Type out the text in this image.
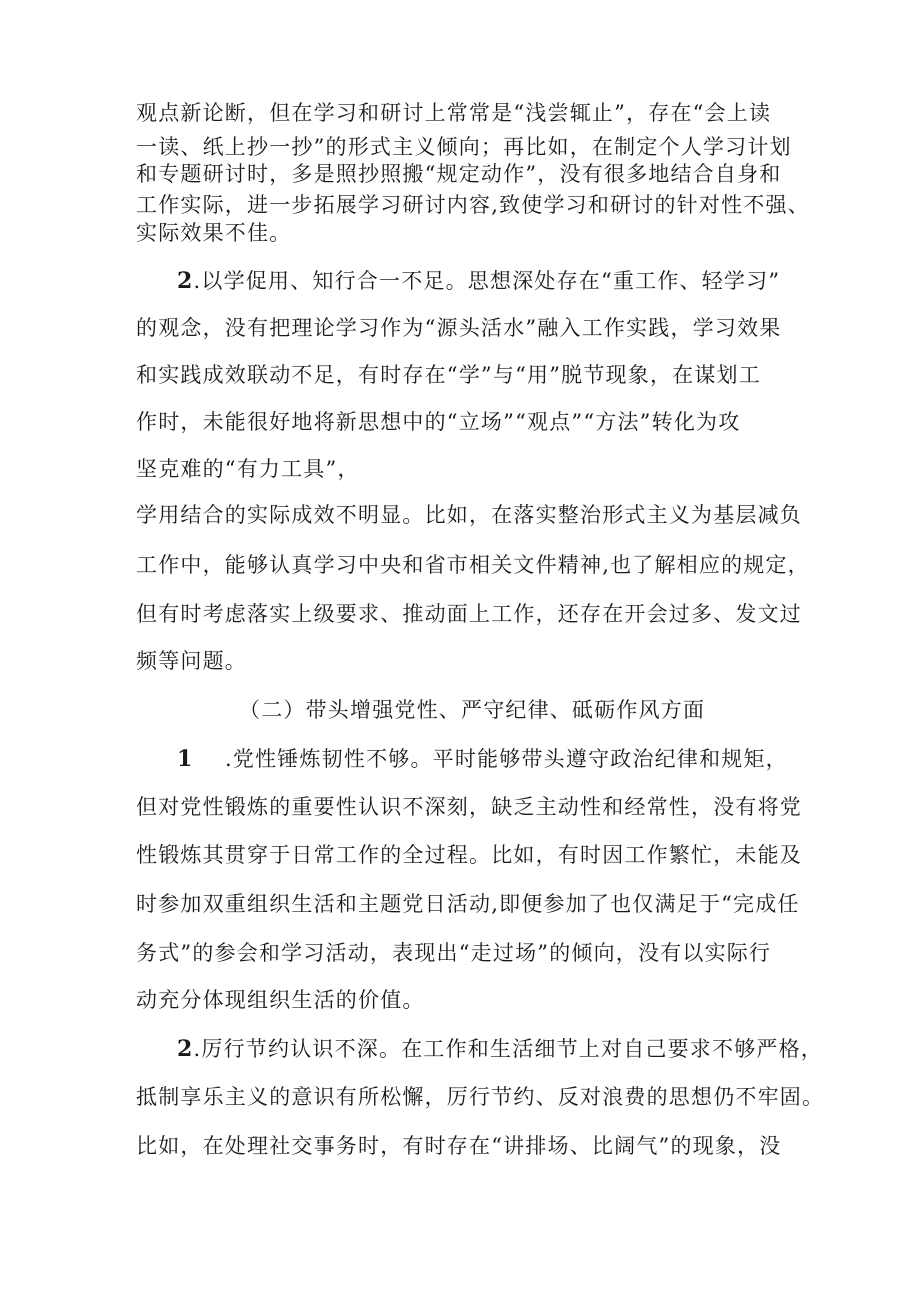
观点新论断，但在学习和研讨上常常是“浅尝辄止”，存在“会上读
一读、纸上抄一抄”的形式主义倾向；再比如，在制定个人学习计划
和专题研讨时，多是照抄照搬“规定动作”，没有很多地结合自身和
工作实际，进一步拓展学习研讨内容,致使学习和研讨的针对性不强、
实际效果不佳。
2.以学促用、知行合一不足。思想深处存在“重工作、轻学习”
的观念，没有把理论学习作为“源头活水”融入工作实践，学习效果
和实践成效联动不足，有时存在“学”与“用”脱节现象，在谋划工
作时，未能很好地将新思想中的“立场”“观点”“方法”转化为攻
坚克难的“有力工具”，
学用结合的实际成效不明显。比如，在落实整治形式主义为基层减负
工作中，能够认真学习中央和省市相关文件精神,也了解相应的规定，
但有时考虑落实上级要求、推动面上工作，还存在开会过多、发文过
频等问题。
（二）带头增强党性、严守纪律、砥砺作风方面
1 .党性锤炼韧性不够。平时能够带头遵守政治纪律和规矩，
但对党性锻炼的重要性认识不深刻，缺乏主动性和经常性，没有将党
性锻炼其贯穿于日常工作的全过程。比如，有时因工作繁忙，未能及
时参加双重组织生活和主题党日活动,即便参加了也仅满足于“完成任
务式”的参会和学习活动，表现出“走过场”的倾向，没有以实际行
动充分体现组织生活的价值。
2.厉行节约认识不深。在工作和生活细节上对自己要求不够严格，
抵制享乐主义的意识有所松懈，厉行节约、反对浪费的思想仍不牢固。
比如，在处理社交事务时，有时存在“讲排场、比阔气”的现象，没
